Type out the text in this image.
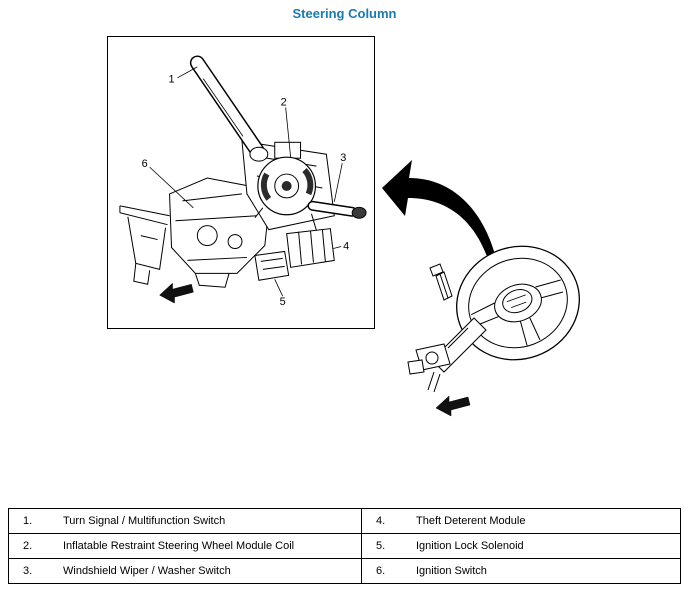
Steering Column
1
2
3
4
5
6
1.	Turn Signal / Multifunction Switch	4.	Theft Deterent Module
2.	Inflatable Restraint Steering Wheel Module Coil	5.	Ignition Lock Solenoid
3.	Windshield Wiper / Washer Switch	6.	Ignition Switch
